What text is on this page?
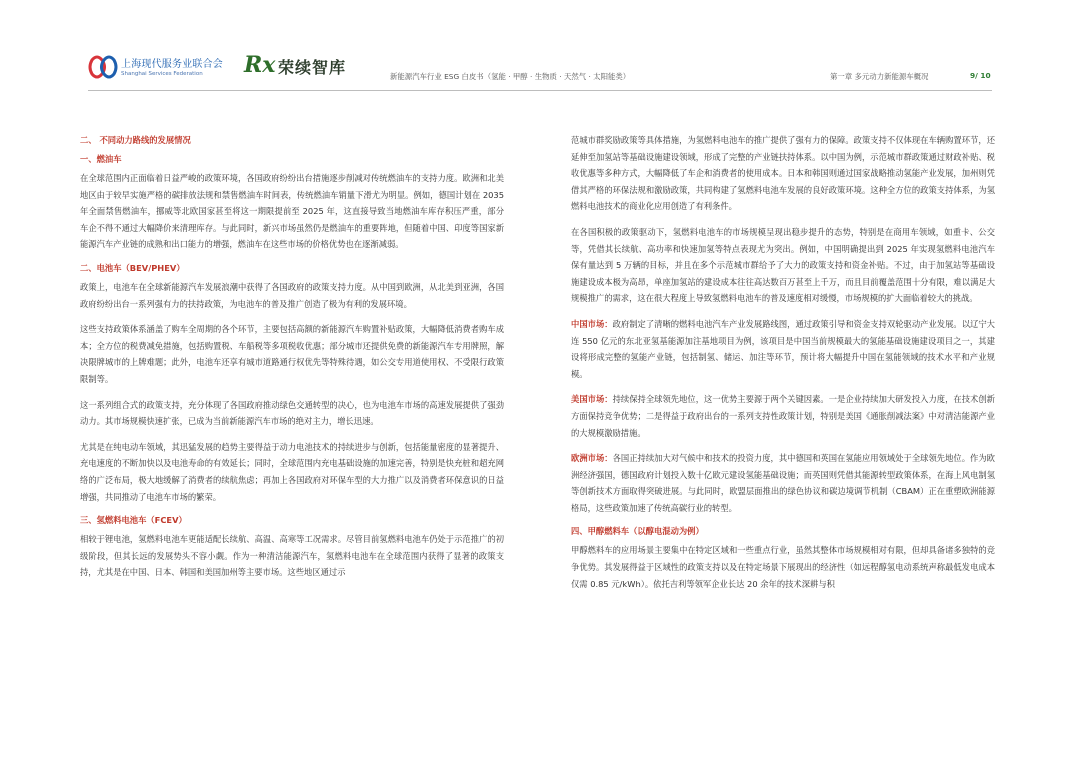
上海现代服务业联合会
Shanghai Services Federation Rx 荣续智库	新能源汽车行业 ESG 白皮书（氢能 · 甲醇 · 生物质 · 天然气 · 太阳能类）	第一章 多元动力新能源车概况	9/ 10
二、 不同动力路线的发展情况
一、燃油车

在全球范围内正面临着日益严峻的政策环境，各国政府纷纷出台措施逐步削减对传统燃油车的支持力度。欧洲和北美地区由于较早实施严格的碳排放法规和禁售燃油车时间表，传统燃油车销量下滑尤为明显。例如，德国计划在 2035 年全面禁售燃油车，挪威等北欧国家甚至将这一期限提前至 2025 年，这直接导致当地燃油车库存积压严重，部分车企不得不通过大幅降价来清理库存。与此同时，新兴市场虽然仍是燃油车的重要阵地，但随着中国、印度等国家新能源汽车产业链的成熟和出口能力的增强，燃油车在这些市场的价格优势也在逐渐减弱。

二、电池车（BEV/PHEV）

政策上，电池车在全球新能源汽车发展浪潮中获得了各国政府的政策支持力度。从中国到欧洲，从北美到亚洲，各国政府纷纷出台一系列强有力的扶持政策，为电池车的普及推广创造了极为有利的发展环境。

这些支持政策体系涵盖了购车全周期的各个环节，主要包括高额的新能源汽车购置补贴政策，大幅降低消费者购车成本；全方位的税费减免措施，包括购置税、车船税等多项税收优惠；部分城市还提供免费的新能源汽车专用牌照，解决限牌城市的上牌难题；此外，电池车还享有城市道路通行权优先等特殊待遇，如公交专用道使用权、不受限行政策限制等。

这一系列组合式的政策支持，充分体现了各国政府推动绿色交通转型的决心，也为电池车市场的高速发展提供了强劲动力。其市场规模快速扩张，已成为当前新能源汽车市场的绝对主力，增长迅速。

尤其是在纯电动车领域，其迅猛发展的趋势主要得益于动力电池技术的持续进步与创新，包括能量密度的显著提升、充电速度的不断加快以及电池寿命的有效延长；同时，全球范围内充电基础设施的加速完善，特别是快充桩和超充网络的广泛布局，极大地缓解了消费者的续航焦虑；再加上各国政府对环保车型的大力推广以及消费者环保意识的日益增强，共同推动了电池车市场的繁荣。

三、氢燃料电池车（FCEV）

相较于锂电池，氢燃料电池车更能适配长续航、高温、高寒等工况需求。尽管目前氢燃料电池车仍处于示范推广的初级阶段，但其长远的发展势头不容小觑。作为一种清洁能源汽车，氢燃料电池车在全球范围内获得了显著的政策支持，尤其是在中国、日本、韩国和美国加州等主要市场。这些地区通过示

范城市群奖励政策等具体措施，为氢燃料电池车的推广提供了强有力的保障。政策支持不仅体现在车辆购置环节，还延伸至加氢站等基础设施建设领域，形成了完整的产业链扶持体系。以中国为例，示范城市群政策通过财政补贴、税收优惠等多种方式，大幅降低了车企和消费者的使用成本。日本和韩国则通过国家战略推动氢能产业发展，加州则凭借其严格的环保法规和激励政策，共同构建了氢燃料电池车发展的良好政策环境。这种全方位的政策支持体系，为氢燃料电池技术的商业化应用创造了有利条件。

在各国积极的政策驱动下，氢燃料电池车的市场规模呈现出稳步提升的态势，特别是在商用车领域，如重卡、公交等，凭借其长续航、高功率和快速加氢等特点表现尤为突出。例如，中国明确提出到 2025 年实现氢燃料电池汽车保有量达到 5 万辆的目标，并且在多个示范城市群给予了大力的政策支持和资金补贴。不过，由于加氢站等基础设施建设成本极为高昂，单座加氢站的建设成本往往高达数百万甚至上千万，而且目前覆盖范围十分有限，难以满足大规模推广的需求，这在很大程度上导致氢燃料电池车的普及速度相对缓慢，市场规模的扩大面临着较大的挑战。

中国市场：政府制定了清晰的燃料电池汽车产业发展路线图，通过政策引导和资金支持双轮驱动产业发展。以辽宁大连 550 亿元的东北亚氢基能源加注基地项目为例，该项目是中国当前规模最大的氢能基础设施建设项目之一，其建设将形成完整的氢能产业链，包括制氢、储运、加注等环节，预计将大幅提升中国在氢能领域的技术水平和产业规模。

美国市场：持续保持全球领先地位，这一优势主要源于两个关键因素。一是企业持续加大研发投入力度，在技术创新方面保持竞争优势；二是得益于政府出台的一系列支持性政策计划，特别是美国《通胀削减法案》中对清洁能源产业的大规模激励措施。

欧洲市场：各国正持续加大对气候中和技术的投资力度，其中德国和英国在氢能应用领域处于全球领先地位。作为欧洲经济强国，德国政府计划投入数十亿欧元建设氢能基础设施；而英国则凭借其能源转型政策体系，在海上风电制氢等创新技术方面取得突破进展。与此同时，欧盟层面推出的绿色协议和碳边境调节机制（CBAM）正在重塑欧洲能源格局，这些政策加速了传统高碳行业的转型。

四、甲醇燃料车（以醇电混动为例）

甲醇燃料车的应用场景主要集中在特定区域和一些重点行业，虽然其整体市场规模相对有限，但却具备诸多独特的竞争优势。其发展得益于区域性的政策支持以及在特定场景下展现出的经济性（如远程醇氢电动系统声称最低发电成本仅需 0.85 元/kWh）。依托吉利等领军企业长达 20 余年的技术深耕与积
